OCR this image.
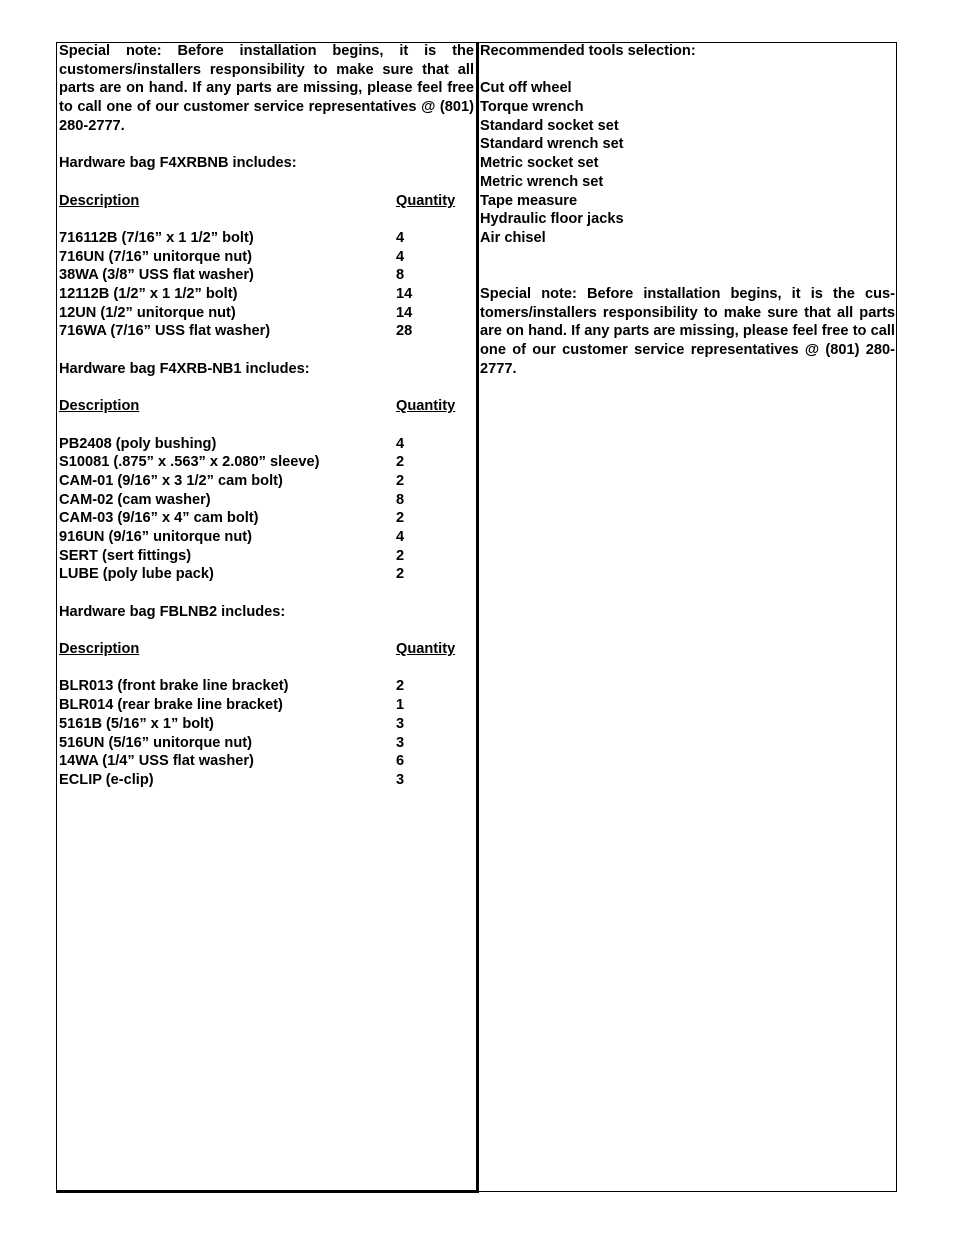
Special note: Before installation begins, it is the customers/installers responsibility to make sure that all parts are on hand. If any parts are missing, please feel free to call one of our customer service representatives @ (801) 280-2777.

Hardware bag F4XRBNB includes:
Description	Quantity
716112B (7/16” x 1 1/2” bolt)	4
716UN (7/16” unitorque nut)	4
38WA (3/8” USS flat washer)	8
12112B (1/2” x 1 1/2” bolt)	14
12UN (1/2” unitorque nut)	14
716WA (7/16” USS flat washer)	28
Hardware bag F4XRB-NB1 includes:
Description	Quantity
PB2408 (poly bushing)	4
S10081 (.875” x .563” x 2.080” sleeve)	2
CAM-01 (9/16” x 3 1/2” cam bolt)	2
CAM-02 (cam washer)	8
CAM-03 (9/16” x 4” cam bolt)	2
916UN (9/16” unitorque nut)	4
SERT (sert fittings)	2
LUBE (poly lube pack)	2
Hardware bag FBLNB2 includes:
Description	Quantity
BLR013 (front brake line bracket)	2
BLR014 (rear brake line bracket)	1
5161B (5/16” x 1” bolt)	3
516UN (5/16” unitorque nut)	3
14WA (1/4” USS flat washer)	6
ECLIP (e-clip)	3
Recommended tools selection:
Cut off wheel
Torque wrench
Standard socket set
Standard wrench set
Metric socket set
Metric wrench set
Tape measure
Hydraulic floor jacks
Air chisel

Special note: Before installation begins, it is the cus-tomers/installers responsibility to make sure that all parts are on hand. If any parts are missing, please feel free to call one of our customer service representatives @ (801) 280-2777.
